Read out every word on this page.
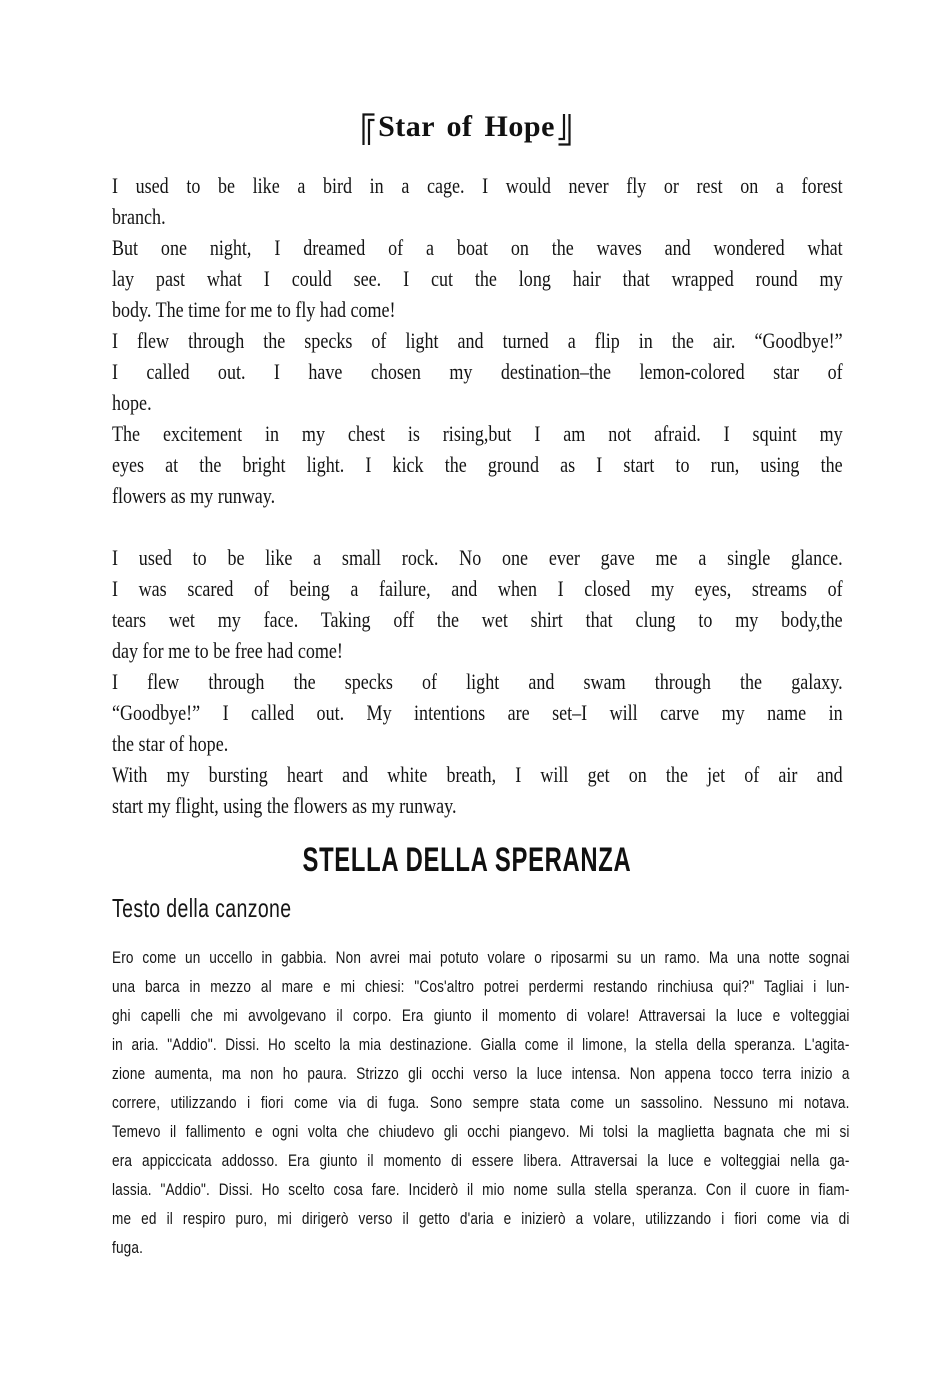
Star of Hope
I used to be like a bird in a cage. I would never fly or rest on a forest
branch.
But one night, I dreamed of a boat on the waves and wondered what
lay past what I could see. I cut the long hair that wrapped round my
body. The time for me to fly had come!
I flew through the specks of light and turned a flip in the air. “Goodbye!”
I called out. I have chosen my destination–the lemon-colored star of
hope.
The excitement in my chest is rising,but I am not afraid. I squint my
eyes at the bright light. I kick the ground as I start to run, using the
flowers as my runway.
I used to be like a small rock. No one ever gave me a single glance.
I was scared of being a failure, and when I closed my eyes, streams of
tears wet my face. Taking off the wet shirt that clung to my body,the
day for me to be free had come!
I flew through the specks of light and swam through the galaxy.
“Goodbye!” I called out. My intentions are set–I will carve my name in
the star of hope.
With my bursting heart and white breath, I will get on the jet of air and
start my flight, using the flowers as my runway.
STELLA DELLA SPERANZA
Testo della canzone
Ero come un uccello in gabbia. Non avrei mai potuto volare o riposarmi su un ramo. Ma una notte sognai
una barca in mezzo al mare e mi chiesi: "Cos'altro potrei perdermi restando rinchiusa qui?" Tagliai i lun-
ghi capelli che mi avvolgevano il corpo. Era giunto il momento di volare! Attraversai la luce e volteggiai
in aria. "Addio". Dissi. Ho scelto la mia destinazione. Gialla come il limone, la stella della speranza. L'agita-
zione aumenta, ma non ho paura. Strizzo gli occhi verso la luce intensa. Non appena tocco terra inizio a
correre, utilizzando i fiori come via di fuga. Sono sempre stata come un sassolino. Nessuno mi notava.
Temevo il fallimento e ogni volta che chiudevo gli occhi piangevo. Mi tolsi la maglietta bagnata che mi si
era appiccicata addosso. Era giunto il momento di essere libera. Attraversai la luce e volteggiai nella ga-
lassia. "Addio". Dissi. Ho scelto cosa fare. Inciderò il mio nome sulla stella speranza. Con il cuore in fiam-
me ed il respiro puro, mi dirigerò verso il getto d'aria e inizierò a volare, utilizzando i fiori come via di
fuga.
